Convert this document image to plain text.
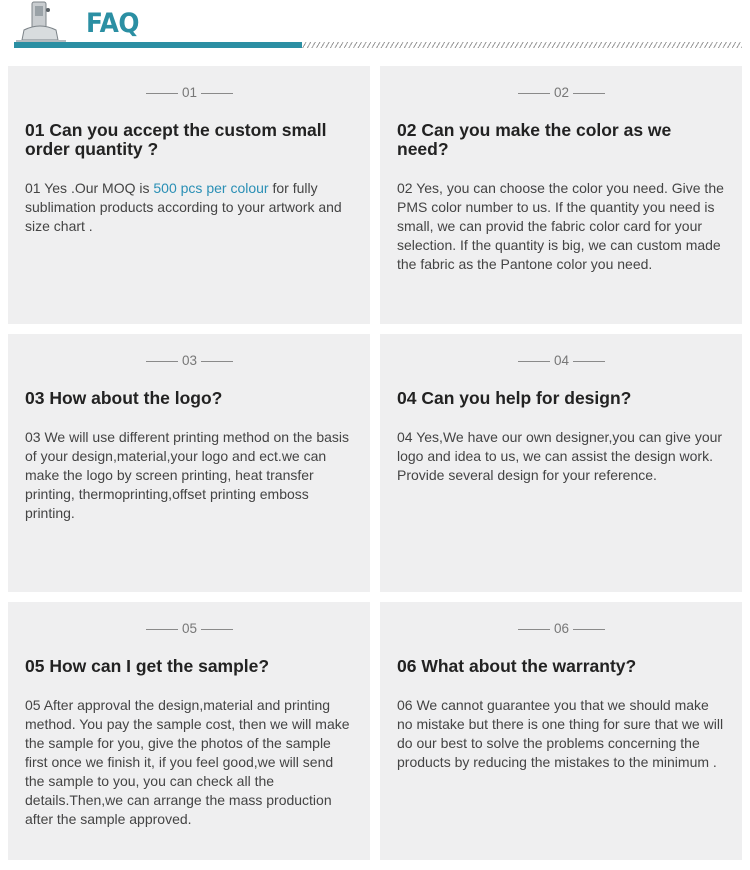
FAQ
01
01 Can you accept the custom small order quantity ?
01 Yes .Our MOQ is 500 pcs per colour for fully sublimation products according to your artwork and size chart .
02
02 Can you make the color as we need?
02 Yes, you can choose the color you need. Give the PMS color number to us. If the quantity you need is small, we can provid the fabric color card for your selection. If the quantity is big, we can custom made the fabric as the Pantone color you need.
03
03 How about the logo?
03 We will use different printing method on the basis of your design,material,your logo and ect.we can make the logo by screen printing, heat transfer printing, thermoprinting,offset printing emboss printing.
04
04 Can you help for design?
04 Yes,We have our own designer,you can give your logo and idea to us, we can assist the design work. Provide several design for your reference.
05
05 How can I get the sample?
05 After approval the design,material and printing method. You pay the sample cost, then we will make the sample for you, give the photos of the sample first once we finish it, if you feel good,we will send the sample to you, you can check all the details.Then,we can arrange the mass production after the sample approved.
06
06 What about the warranty?
06 We cannot guarantee you that we should make no mistake but there is one thing for sure that we will do our best to solve the problems concerning the products by reducing the mistakes to the minimum .
